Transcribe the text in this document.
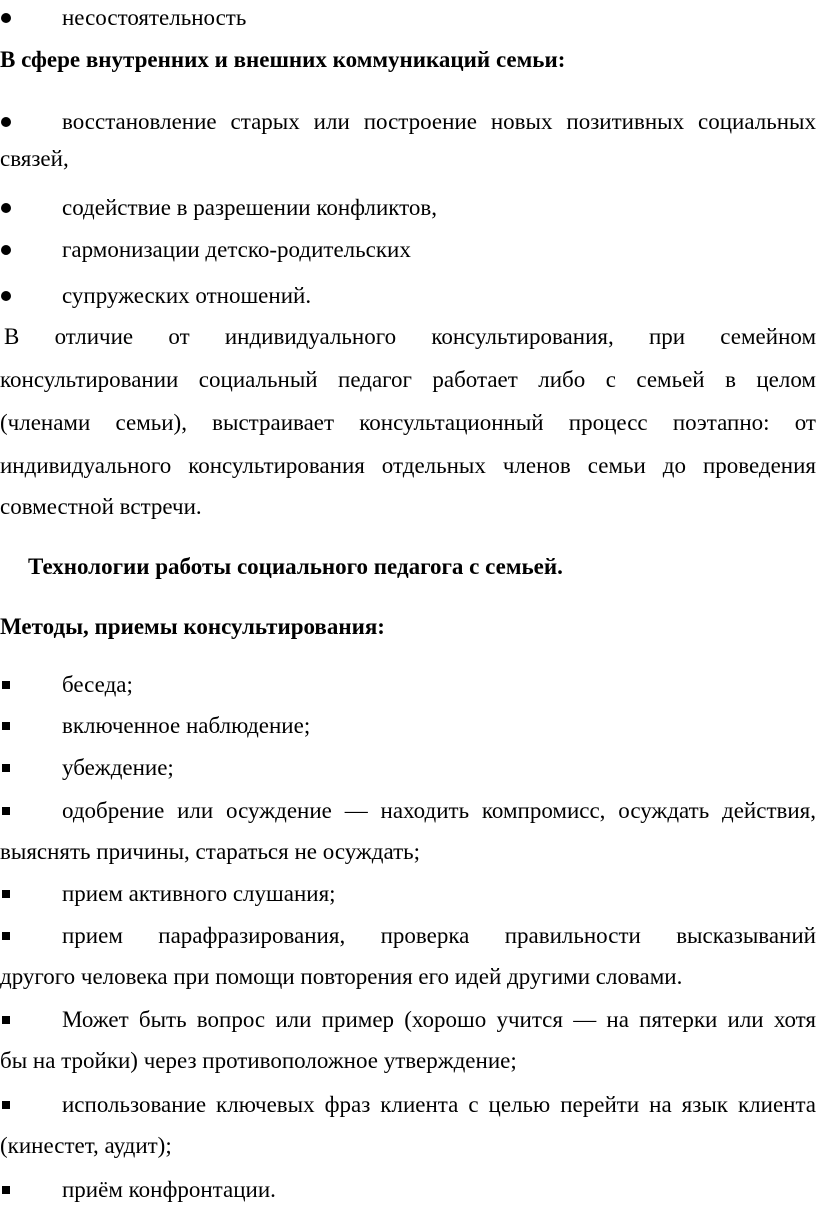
несостоятельность
В сфере внутренних и внешних коммуникаций семьи:
восстановление старых или построение новых позитивных социальных
связей,
содействие в разрешении конфликтов,
гармонизации детско-родительских
супружеских отношений.
В отличие от индивидуального консультирования, при семейном
консультировании социальный педагог работает либо с семьей в целом
(членами семьи), выстраивает консультационный процесс поэтапно: от
индивидуального консультирования отдельных членов семьи до проведения
совместной встречи.
Технологии работы социального педагога с семьей.
Методы, приемы консультирования:
беседа;
включенное наблюдение;
убеждение;
одобрение или осуждение — находить компромисс, осуждать действия,
выяснять причины, стараться не осуждать;
прием активного слушания;
прием парафразирования, проверка правильности высказываний
другого человека при помощи повторения его идей другими словами.
Может быть вопрос или пример (хорошо учится — на пятерки или хотя
бы на тройки) через противоположное утверждение;
использование ключевых фраз клиента с целью перейти на язык клиента
(кинестет, аудит);
приём конфронтации.
